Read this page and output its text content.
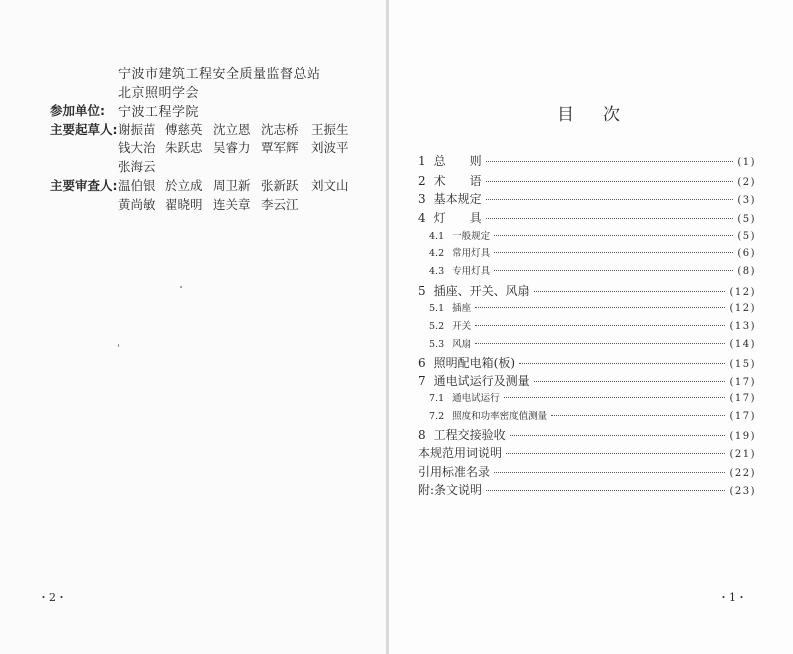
宁波市建筑工程安全质量监督总站
北京照明学会
参加单位: 宁波工程学院
主要起草人: 谢振苗 傅慈英 沈立恩 沈志桥 王振生
钱大治 朱跃忠 吴睿力 覃军辉 刘波平
张海云
主要审查人: 温伯银 於立成 周卫新 张新跃 刘文山
黄尚敏 翟晓明 连关章 李云江
・2・
目 次
1 总　　则	(1)
2 术　　语	(2)
3 基本规定	(3)
4 灯　　具	(5)
4.1 一般规定	(5)
4.2 常用灯具	(6)
4.3 专用灯具	(8)
5 插座、开关、风扇	(12)
5.1 插座	(12)
5.2 开关	(13)
5.3 风扇	(14)
6 照明配电箱(板)	(15)
7 通电试运行及测量	(17)
7.1 通电试运行	(17)
7.2 照度和功率密度值测量	(17)
8 工程交接验收	(19)
本规范用词说明	(21)
引用标准名录	(22)
附:条文说明	(23)
・1・
